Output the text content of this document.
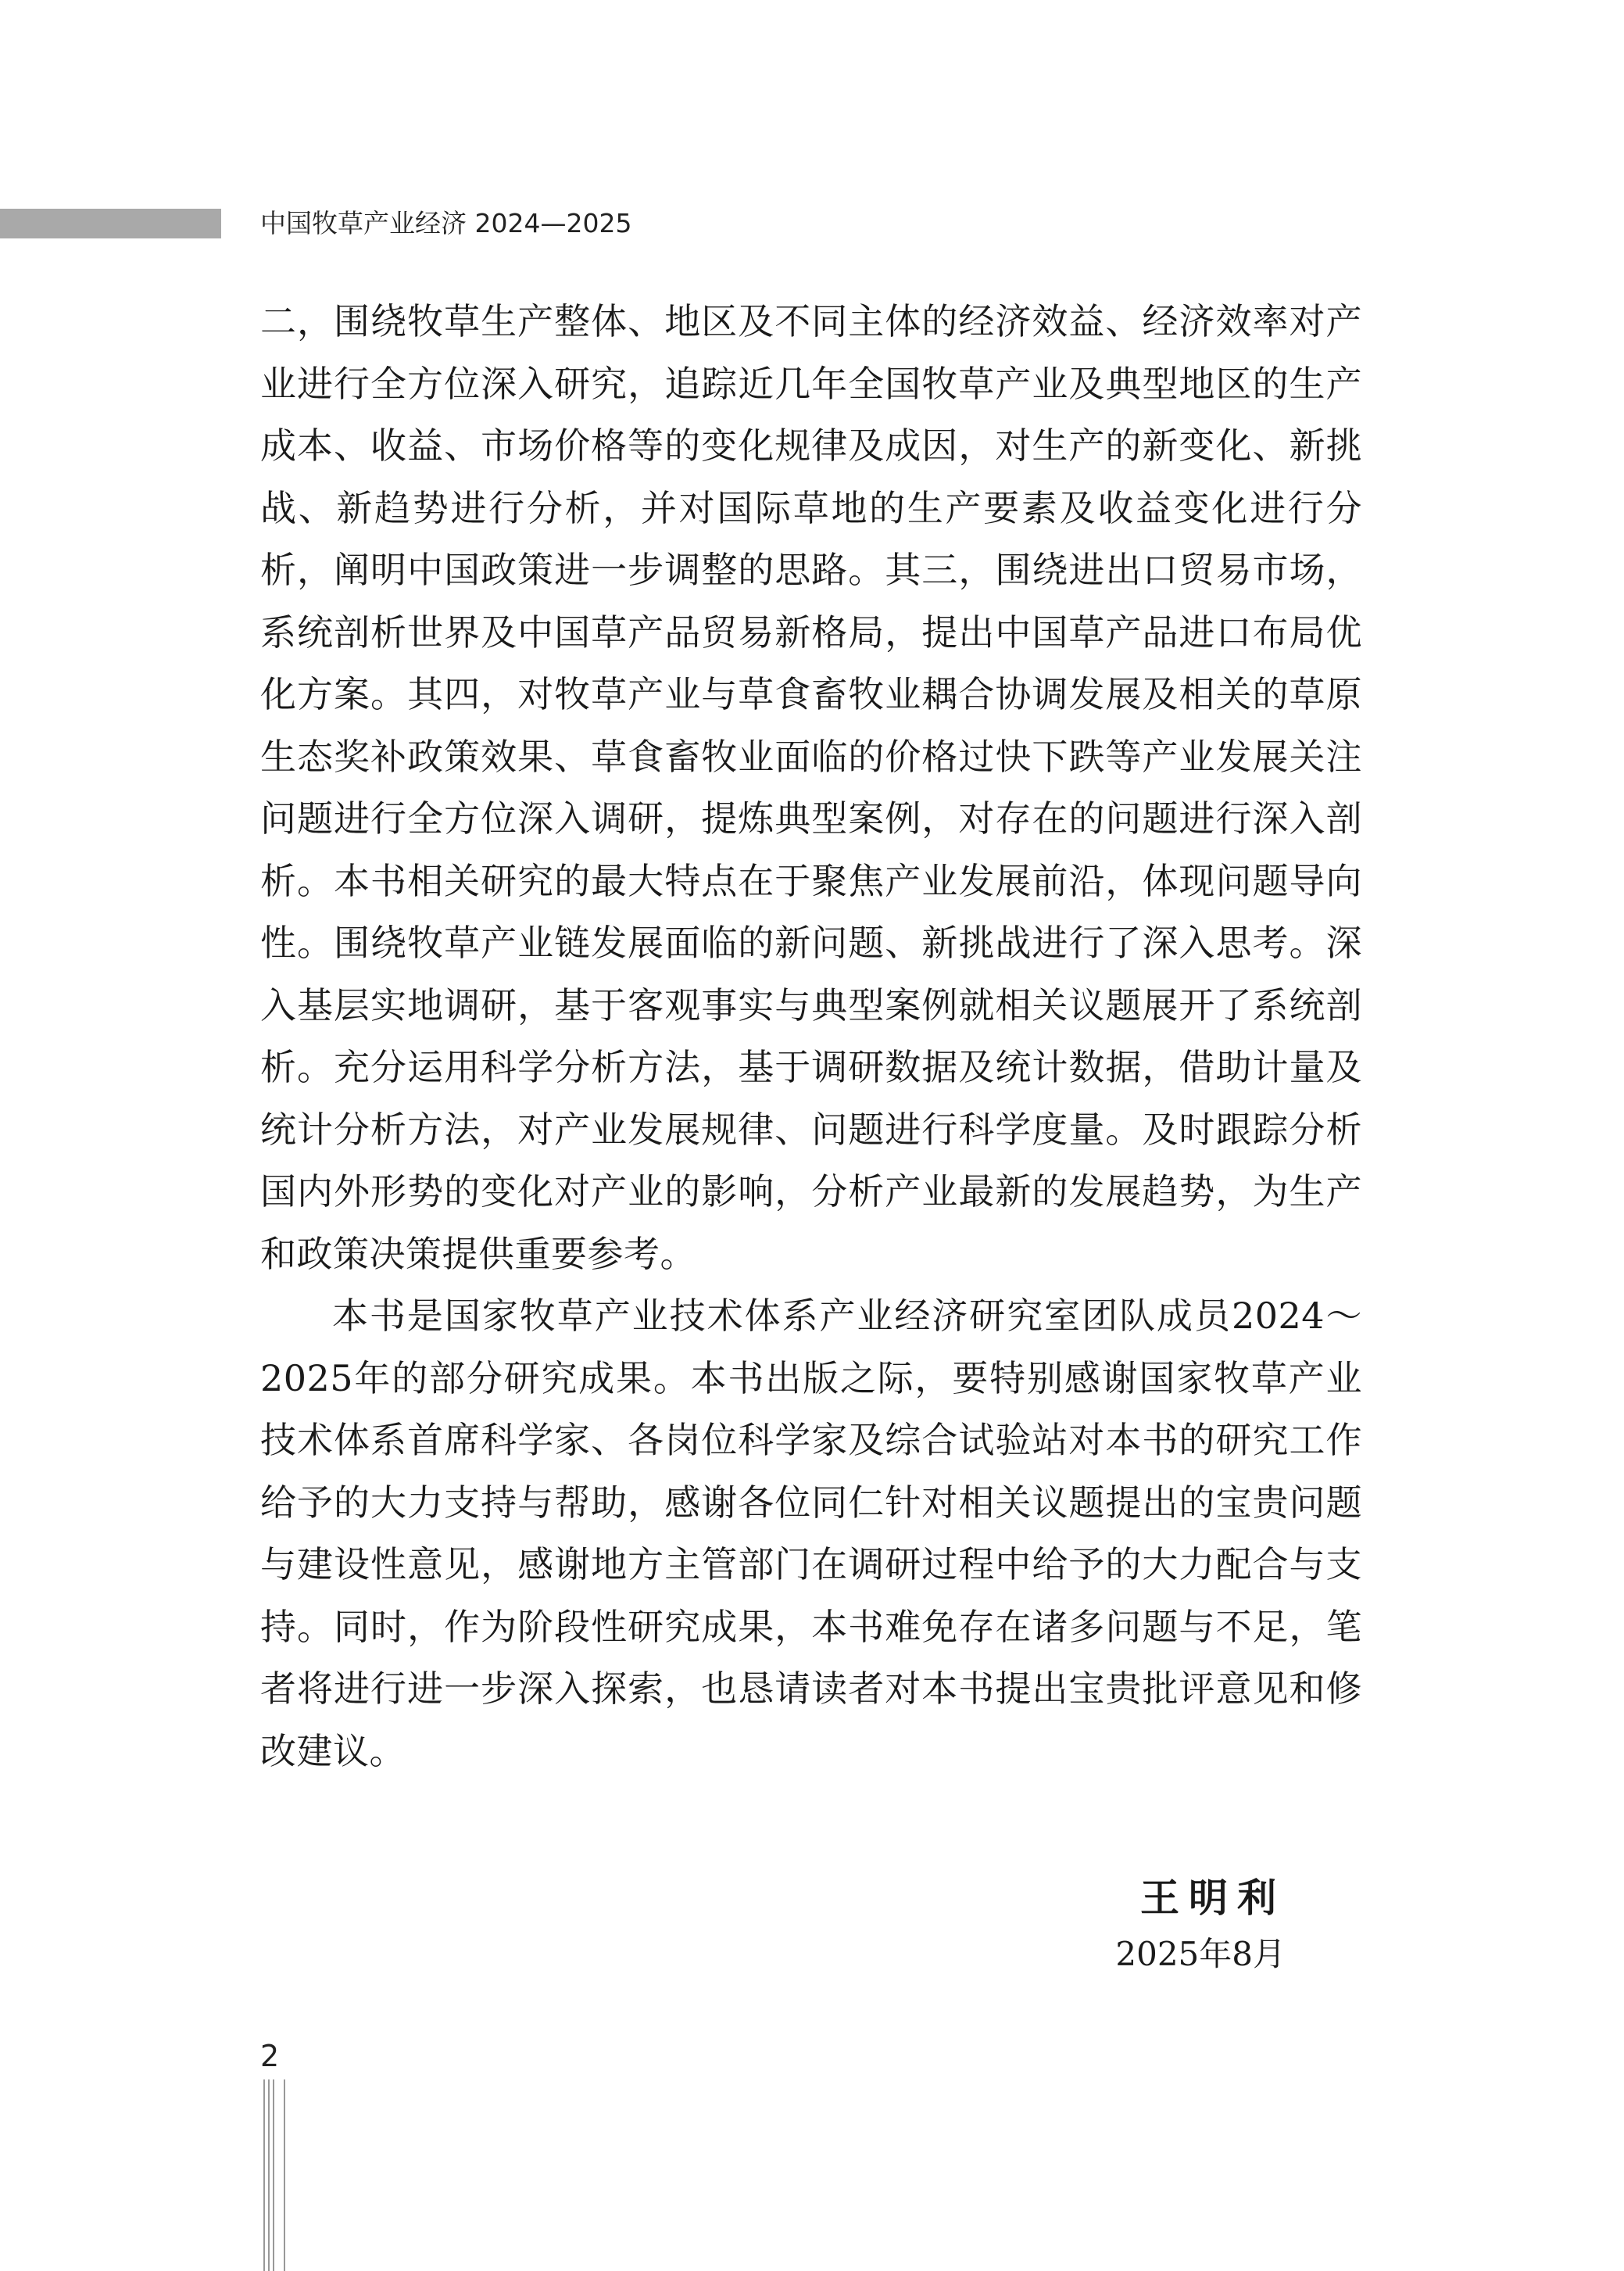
中国牧草产业经济 2024—2025

二，围绕牧草生产整体、地区及不同主体的经济效益、经济效率对产业进行全方位深入研究，追踪近几年全国牧草产业及典型地区的生产成本、收益、市场价格等的变化规律及成因，对生产的新变化、新挑战、新趋势进行分析，并对国际草地的生产要素及收益变化进行分析，阐明中国政策进一步调整的思路。其三，围绕进出口贸易市场，系统剖析世界及中国草产品贸易新格局，提出中国草产品进口布局优化方案。其四，对牧草产业与草食畜牧业耦合协调发展及相关的草原生态奖补政策效果、草食畜牧业面临的价格过快下跌等产业发展关注问题进行全方位深入调研，提炼典型案例，对存在的问题进行深入剖析。本书相关研究的最大特点在于聚焦产业发展前沿，体现问题导向性。围绕牧草产业链发展面临的新问题、新挑战进行了深入思考。深入基层实地调研，基于客观事实与典型案例就相关议题展开了系统剖析。充分运用科学分析方法，基于调研数据及统计数据，借助计量及统计分析方法，对产业发展规律、问题进行科学度量。及时跟踪分析国内外形势的变化对产业的影响，分析产业最新的发展趋势，为生产和政策决策提供重要参考。

本书是国家牧草产业技术体系产业经济研究室团队成员2024～2025年的部分研究成果。本书出版之际，要特别感谢国家牧草产业技术体系首席科学家、各岗位科学家及综合试验站对本书的研究工作给予的大力支持与帮助，感谢各位同仁针对相关议题提出的宝贵问题与建设性意见，感谢地方主管部门在调研过程中给予的大力配合与支持。同时，作为阶段性研究成果，本书难免存在诸多问题与不足，笔者将进行进一步深入探索，也恳请读者对本书提出宝贵批评意见和修改建议。

王明利
2025年8月
2
